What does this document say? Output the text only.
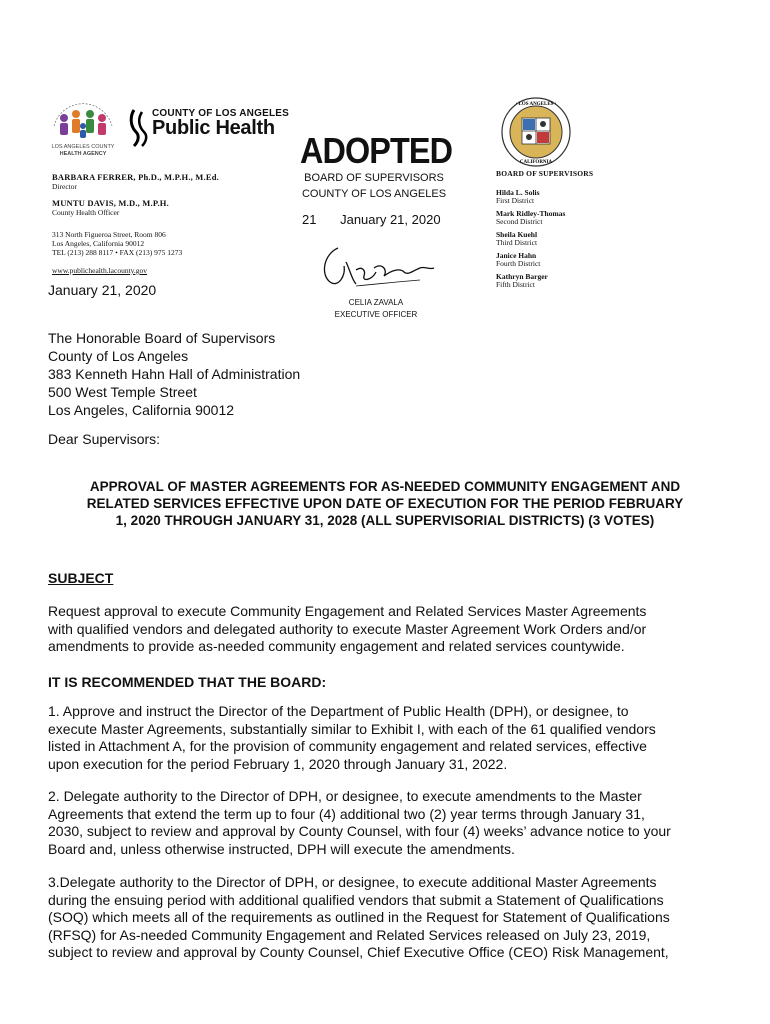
LOS ANGELES COUNTY
HEALTH AGENCY
COUNTY OF LOS ANGELES
Public Health
BARBARA FERRER, Ph.D., M.P.H., M.Ed.
Director
MUNTU DAVIS, M.D., M.P.H.
County Health Officer
313 North Figueroa Street, Room 806
Los Angeles, California 90012
TEL (213) 288 8117 • FAX (213) 975 1273
www.publichealth.lacounty.gov
ADOPTED
BOARD OF SUPERVISORS
COUNTY OF LOS ANGELES
21 January 21, 2020
CELIA ZAVALA
EXECUTIVE OFFICER
· LOS ANGELES ·
CALIFORNIA
BOARD OF SUPERVISORS
Hilda L. Solis
First District
Mark Ridley-Thomas
Second District
Sheila Kuehl
Third District
Janice Hahn
Fourth District
Kathryn Barger
Fifth District
January 21, 2020
The Honorable Board of Supervisors
County of Los Angeles
383 Kenneth Hahn Hall of Administration
500 West Temple Street
Los Angeles, California 90012
Dear Supervisors:
APPROVAL OF MASTER AGREEMENTS FOR AS-NEEDED COMMUNITY ENGAGEMENT AND
RELATED SERVICES EFFECTIVE UPON DATE OF EXECUTION FOR THE PERIOD FEBRUARY
1, 2020 THROUGH JANUARY 31, 2028 (ALL SUPERVISORIAL DISTRICTS) (3 VOTES)
SUBJECT
Request approval to execute Community Engagement and Related Services Master Agreements
with qualified vendors and delegated authority to execute Master Agreement Work Orders and/or
amendments to provide as-needed community engagement and related services countywide.
IT IS RECOMMENDED THAT THE BOARD:
1. Approve and instruct the Director of the Department of Public Health (DPH), or designee, to
execute Master Agreements, substantially similar to Exhibit I, with each of the 61 qualified vendors
listed in Attachment A, for the provision of community engagement and related services, effective
upon execution for the period February 1, 2020 through January 31, 2022.
2. Delegate authority to the Director of DPH, or designee, to execute amendments to the Master
Agreements that extend the term up to four (4) additional two (2) year terms through January 31,
2030, subject to review and approval by County Counsel, with four (4) weeks’ advance notice to your
Board and, unless otherwise instructed, DPH will execute the amendments.
3.Delegate authority to the Director of DPH, or designee, to execute additional Master Agreements
during the ensuing period with additional qualified vendors that submit a Statement of Qualifications
(SOQ) which meets all of the requirements as outlined in the Request for Statement of Qualifications
(RFSQ) for As-needed Community Engagement and Related Services released on July 23, 2019,
subject to review and approval by County Counsel, Chief Executive Office (CEO) Risk Management,
